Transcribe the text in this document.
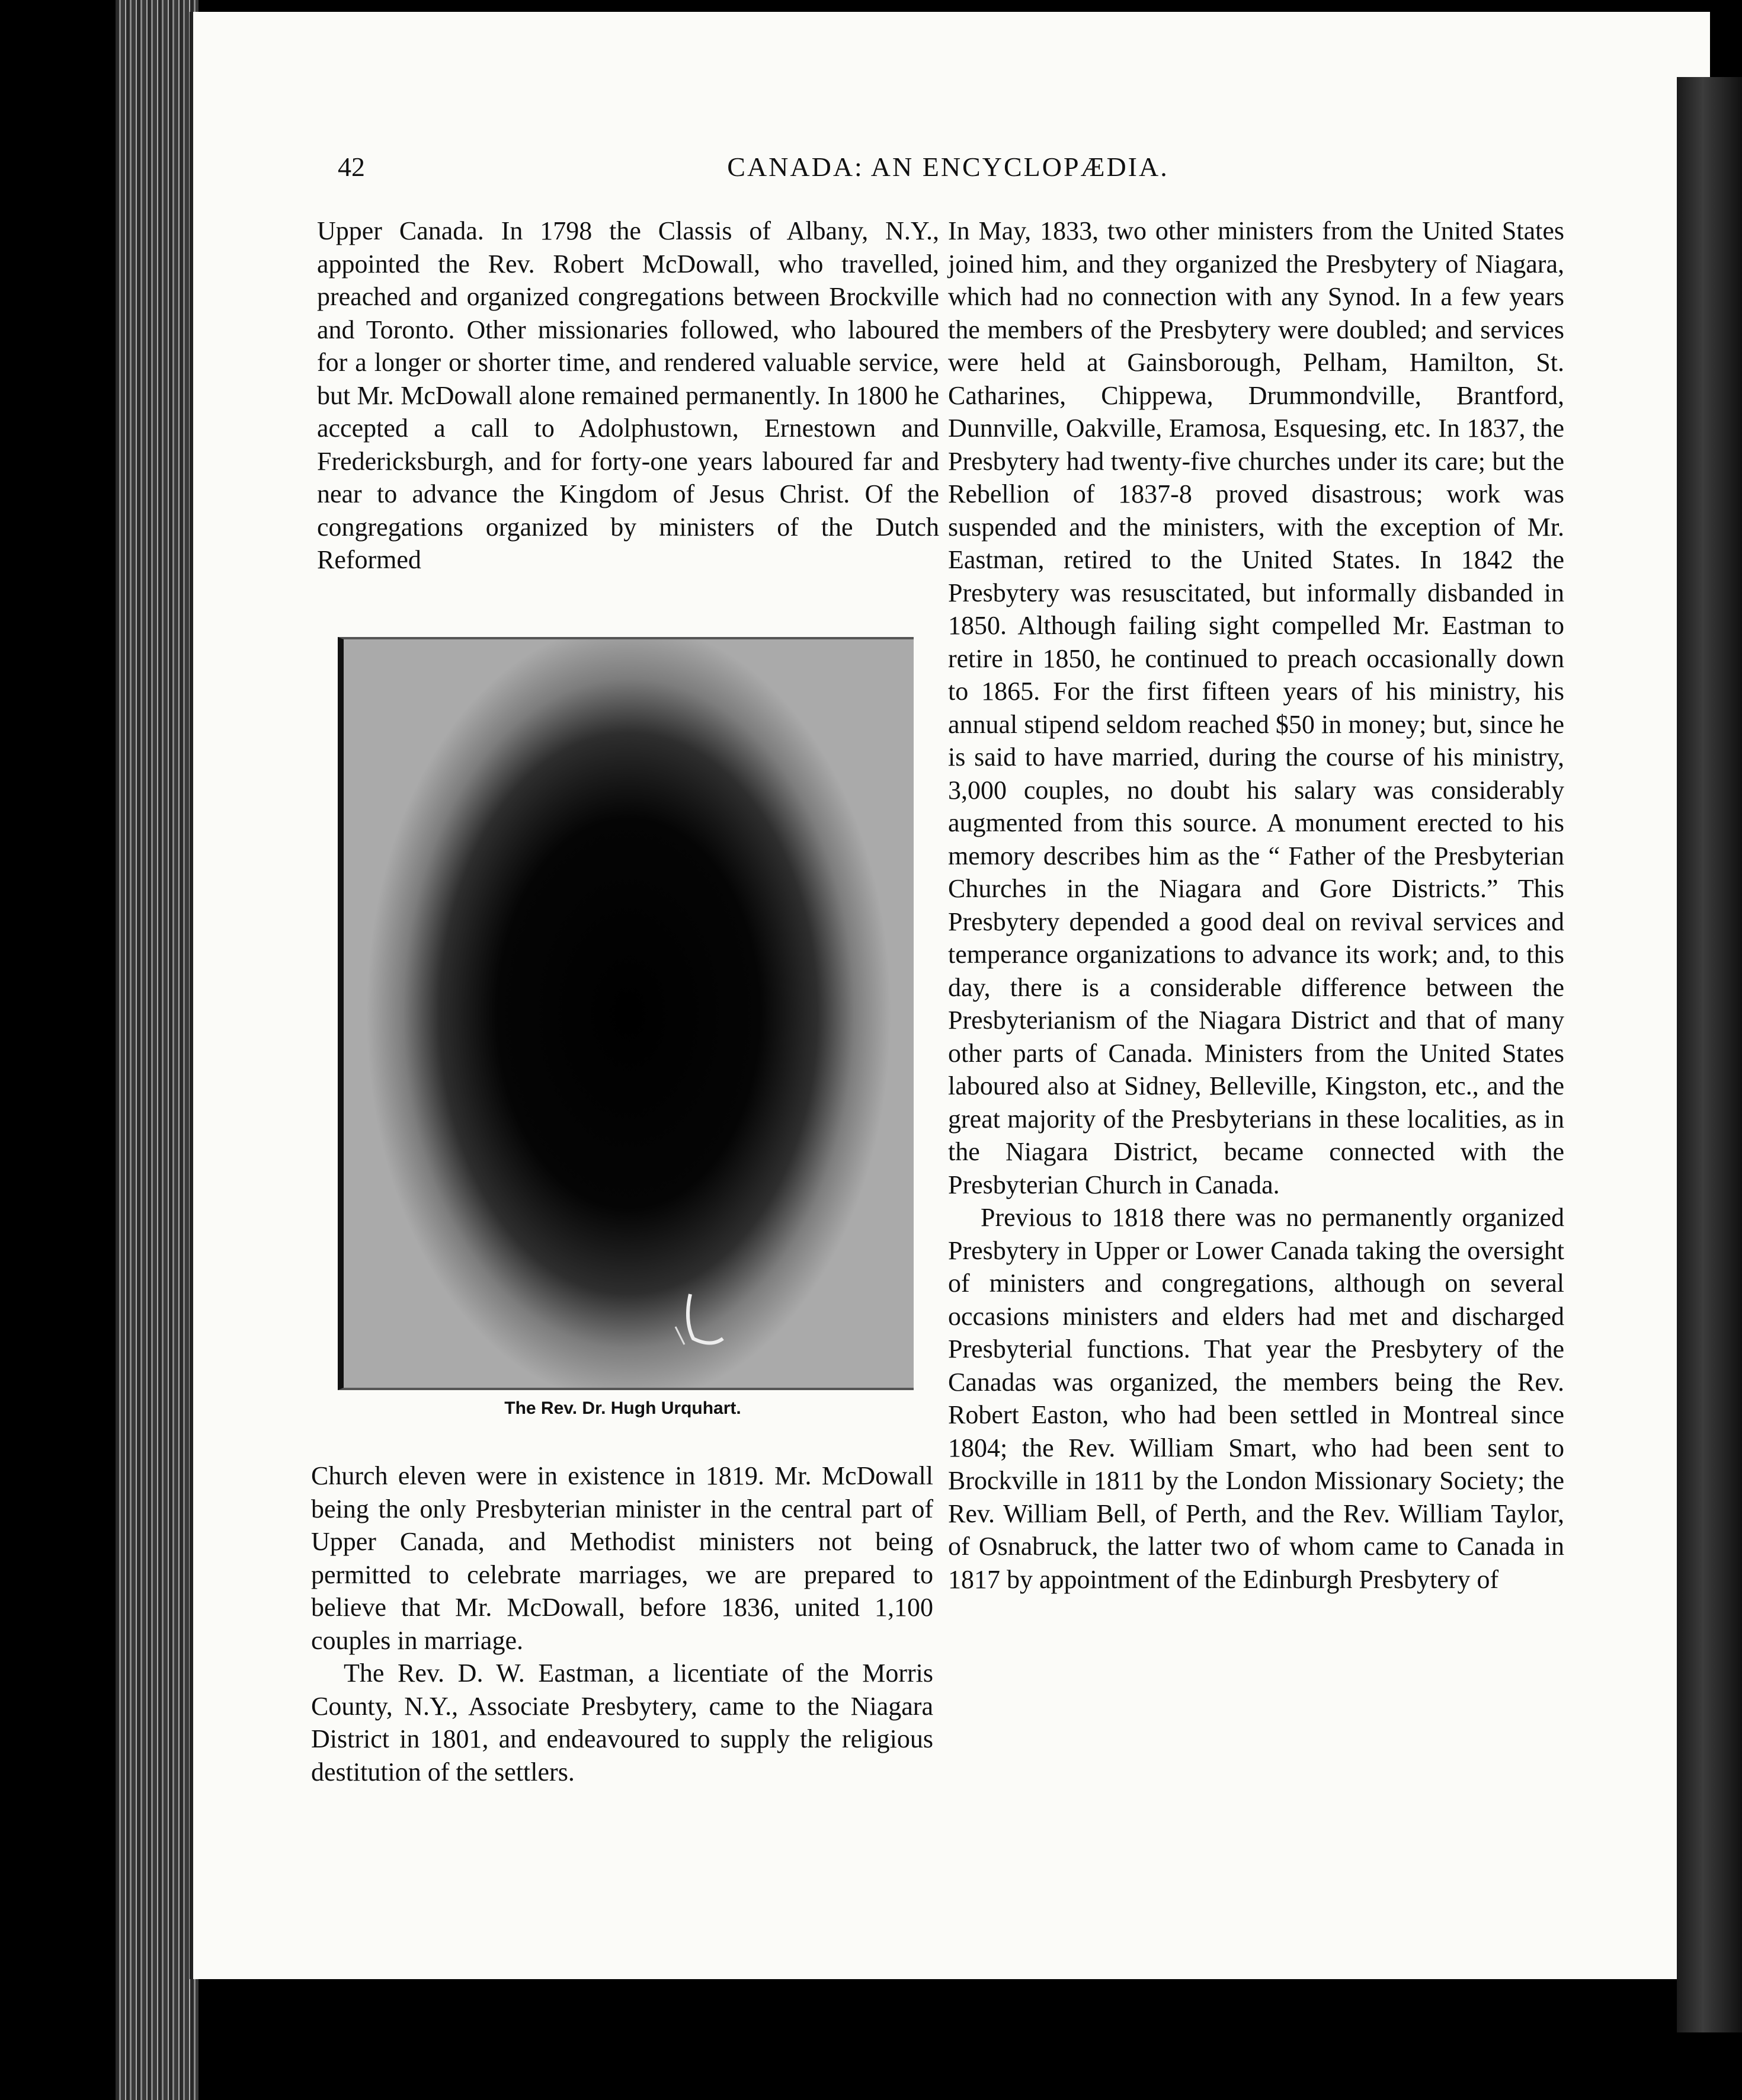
42	CANADA: AN ENCYCLOPÆDIA.

Upper Canada. In 1798 the Classis of Albany, N.Y., appointed the Rev. Robert McDowall, who travelled, preached and organized congregations between Brockville and Toronto. Other missionaries followed, who laboured for a longer or shorter time, and rendered valuable service, but Mr. McDowall alone remained permanently. In 1800 he accepted a call to Adolphustown, Ernestown and Fredericksburgh, and for forty-one years laboured far and near to advance the Kingdom of Jesus Christ. Of the congregations organized by ministers of the Dutch Reformed

The Rev. Dr. Hugh Urquhart.

Church eleven were in existence in 1819. Mr. McDowall being the only Presbyterian minister in the central part of Upper Canada, and Methodist ministers not being permitted to celebrate marriages, we are prepared to believe that Mr. McDowall, before 1836, united 1,100 couples in marriage.

The Rev. D. W. Eastman, a licentiate of the Morris County, N.Y., Associate Presbytery, came to the Niagara District in 1801, and endeavoured to supply the religious destitution of the settlers.

In May, 1833, two other ministers from the United States joined him, and they organized the Presbytery of Niagara, which had no connection with any Synod. In a few years the members of the Presbytery were doubled; and services were held at Gainsborough, Pelham, Hamilton, St. Catharines, Chippewa, Drummondville, Brantford, Dunnville, Oakville, Eramosa, Esquesing, etc. In 1837, the Presbytery had twenty-five churches under its care; but the Rebellion of 1837-8 proved disastrous; work was suspended and the ministers, with the exception of Mr. Eastman, retired to the United States. In 1842 the Presbytery was resuscitated, but informally disbanded in 1850. Although failing sight compelled Mr. Eastman to retire in 1850, he continued to preach occasionally down to 1865. For the first fifteen years of his ministry, his annual stipend seldom reached $50 in money; but, since he is said to have married, during the course of his ministry, 3,000 couples, no doubt his salary was considerably augmented from this source. A monument erected to his memory describes him as the “ Father of the Presbyterian Churches in the Niagara and Gore Districts.” This Presbytery depended a good deal on revival services and temperance organizations to advance its work; and, to this day, there is a considerable difference between the Presbyterianism of the Niagara District and that of many other parts of Canada. Ministers from the United States laboured also at Sidney, Belleville, Kingston, etc., and the great majority of the Presbyterians in these localities, as in the Niagara District, became connected with the Presbyterian Church in Canada.

Previous to 1818 there was no permanently organized Presbytery in Upper or Lower Canada taking the oversight of ministers and congregations, although on several occasions ministers and elders had met and discharged Presbyterial functions. That year the Presbytery of the Canadas was organized, the members being the Rev. Robert Easton, who had been settled in Montreal since 1804; the Rev. William Smart, who had been sent to Brockville in 1811 by the London Missionary Society; the Rev. William Bell, of Perth, and the Rev. William Taylor, of Osnabruck, the latter two of whom came to Canada in 1817 by appointment of the Edinburgh Presbytery of
